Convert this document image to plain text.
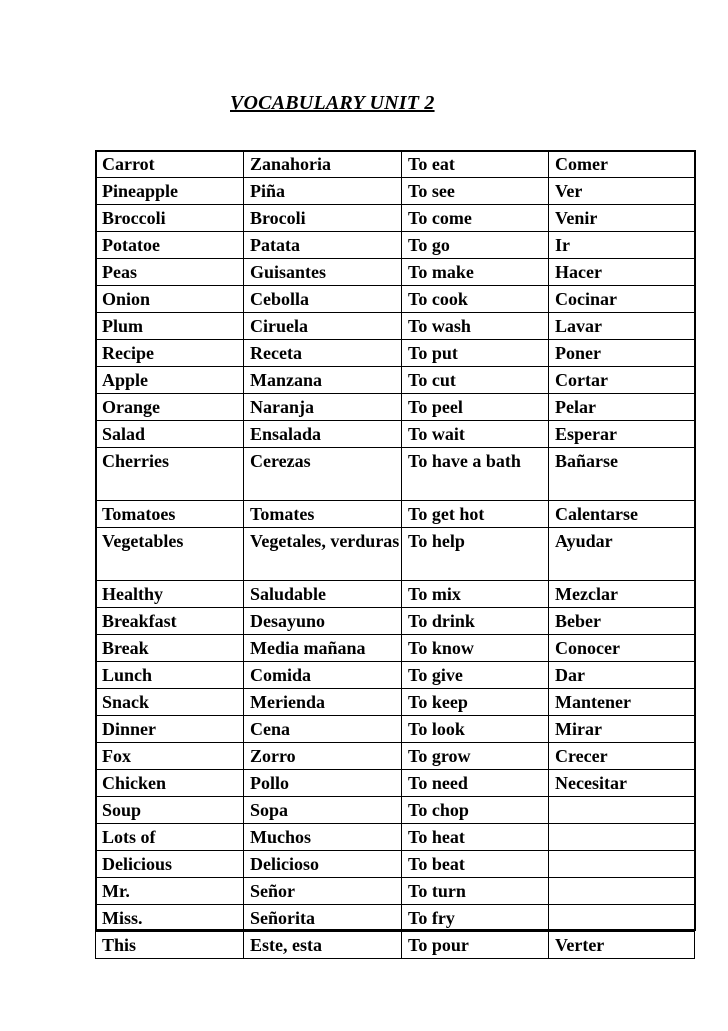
VOCABULARY UNIT 2
Carrot	Zanahoria	To eat	Comer
Pineapple	Piña	To see	Ver
Broccoli	Brocoli	To come	Venir
Potatoe	Patata	To go	Ir
Peas	Guisantes	To make	Hacer
Onion	Cebolla	To cook	Cocinar
Plum	Ciruela	To wash	Lavar
Recipe	Receta	To put	Poner
Apple	Manzana	To cut	Cortar
Orange	Naranja	To peel	Pelar
Salad	Ensalada	To wait	Esperar
Cherries	Cerezas	To have a bath	Bañarse
Tomatoes	Tomates	To get hot	Calentarse
Vegetables	Vegetales, verduras	To help	Ayudar
Healthy	Saludable	To mix	Mezclar
Breakfast	Desayuno	To drink	Beber
Break	Media mañana	To know	Conocer
Lunch	Comida	To give	Dar
Snack	Merienda	To keep	Mantener
Dinner	Cena	To look	Mirar
Fox	Zorro	To grow	Crecer
Chicken	Pollo	To need	Necesitar
Soup	Sopa	To chop	
Lots of	Muchos	To heat	
Delicious	Delicioso	To beat	
Mr.	Señor	To turn	
Miss.	Señorita	To fry	
This	Este, esta	To pour	Verter
